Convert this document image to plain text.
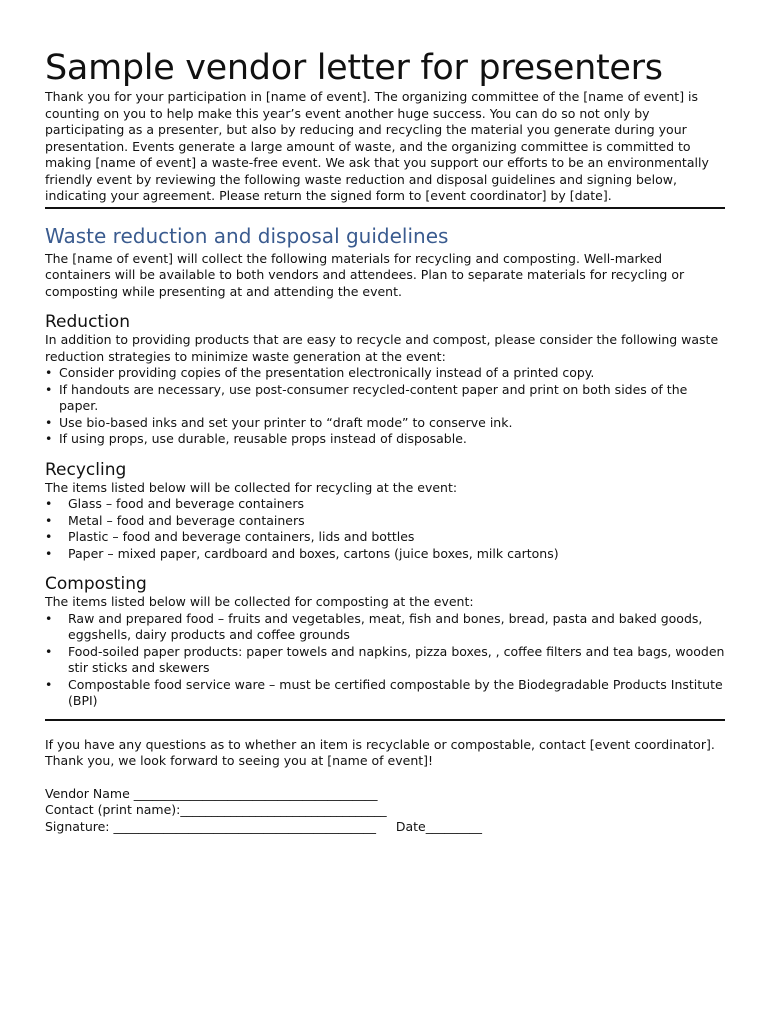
Sample vendor letter for presenters

Thank you for your participation in [name of event]. The organizing committee of the [name of event] is counting on you to help make this year’s event another huge success. You can do so not only by participating as a presenter, but also by reducing and recycling the material you generate during your presentation. Events generate a large amount of waste, and the organizing committee is committed to making [name of event] a waste-free event. We ask that you support our efforts to be an environmentally friendly event by reviewing the following waste reduction and disposal guidelines and signing below, indicating your agreement. Please return the signed form to [event coordinator] by [date].

Waste reduction and disposal guidelines

The [name of event] will collect the following materials for recycling and composting. Well-marked containers will be available to both vendors and attendees. Plan to separate materials for recycling or composting while presenting at and attending the event.

Reduction

In addition to providing products that are easy to recycle and compost, please consider the following waste reduction strategies to minimize waste generation at the event:

• Consider providing copies of the presentation electronically instead of a printed copy.
• If handouts are necessary, use post-consumer recycled-content paper and print on both sides of the paper.
• Use bio-based inks and set your printer to “draft mode” to conserve ink.
• If using props, use durable, reusable props instead of disposable.
Recycling

The items listed below will be collected for recycling at the event:

• Glass – food and beverage containers
• Metal – food and beverage containers
• Plastic – food and beverage containers, lids and bottles
• Paper – mixed paper, cardboard and boxes, cartons (juice boxes, milk cartons)
Composting

The items listed below will be collected for composting at the event:

• Raw and prepared food – fruits and vegetables, meat, fish and bones, bread, pasta and baked goods, eggshells, dairy products and coffee grounds
• Food-soiled paper products: paper towels and napkins, pizza boxes, , coffee filters and tea bags, wooden stir sticks and skewers
• Compostable food service ware – must be certified compostable by the Biodegradable Products Institute (BPI)

If you have any questions as to whether an item is recyclable or compostable, contact [event coordinator]. Thank you, we look forward to seeing you at [name of event]!

Vendor Name _______________________________________
Contact (print name):_________________________________
Signature: __________________________________________ Date_________
